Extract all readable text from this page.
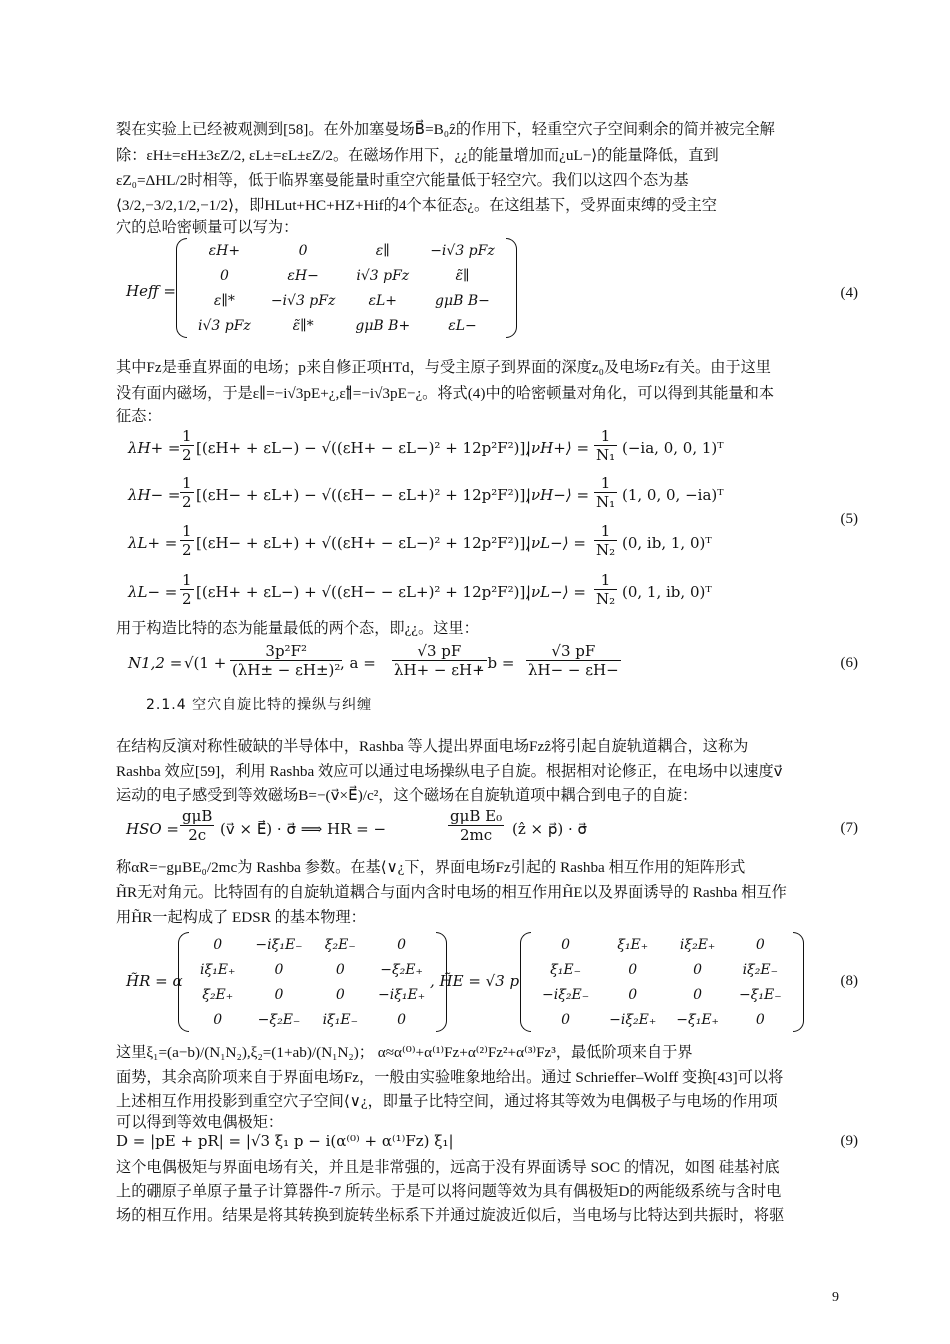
裂在实验上已经被观测到[58]。在外加塞曼场B⃗=B₀ẑ的作用下，轻重空穴子空间剩余的简并被完全解

除：εH±=εH±3εZ/2, εL±=εL±εZ/2。在磁场作用下，¿¿的能量增加而¿uL−⟩的能量降低，直到

εZ₀=ΔHL/2时相等，低于临界塞曼能量时重空穴能量低于轻空穴。我们以这四个态为基

⟨3/2,−3/2,1/2,−1/2⟩，即HLut+HC+HZ+Hif的4个本征态¿。在这组基下，受界面束缚的受主空

穴的总哈密顿量可以写为：

Heff =
εH+	0	ε∥	−i√3 pFz
0	εH−	i√3 pFz	ε̃∥
ε∥*	−i√3 pFz	εL+	gμB B−
i√3 pFz	ε̃∥*	gμB B+	εL−
(4)

其中Fz是垂直界面的电场；p来自修正项HTd，与受主原子到界面的深度z₀及电场Fz有关。由于这里

没有面内磁场，于是ε∥=−i√3pE+¿,ε̃∥=−i√3pE−¿。将式(4)中的哈密顿量对角化，可以得到其能量和本

征态：

$\lambda H+ = \frac{1}{2} [(\varepsilon H+ + \varepsilon L-) - √((\varepsilon H+ - \varepsilon L-)^2 + 12p^2F^2)]$,
|νH+⟩ = $\frac{1}{\text{N₁}} (-ia$, 0, 0, 1)ᵀ
$\lambda H- = \frac{1}{2} [(\varepsilon H- + \varepsilon L+) - √((\varepsilon H- - \varepsilon L+)^2 + 12p^2F^2)]$,
|νH−⟩ = $\frac{1}{\text{N₁}} (1$, 0, 0, −ia)ᵀ
$\lambda L+ = \frac{1}{2} [(\varepsilon H- + \varepsilon L+) + √((\varepsilon H+ - \varepsilon L-)^2 + 12p^2F^2)]$,
|νL−⟩ = $\frac{1}{\text{N₂}} (0$, ib, 1, 0)ᵀ
$\lambda L- = \frac{1}{2} [(\varepsilon H+ + \varepsilon L-) + √((\varepsilon H- - \varepsilon L+)^2 + 12p^2F^2)]$,
|νL−⟩ = $\frac{1}{\text{N₂}} (0$, 1, ib, 0)ᵀ
(5)

用于构造比特的态为能量最低的两个态，即¿¿。这里：

$N1,2 = √(1 + \frac{\text{3p²F²}}{\text{(λH± − εH±)²}}$
, $a = \frac{√3 pF}{\lambda H+ - \varepsilon H+}$
, $b = \frac{√3 pF}{\lambda H- - \varepsilon H-}$	(6)
2.1.4 空穴自旋比特的操纵与纠缠

在结构反演对称性破缺的半导体中，Rashba 等人提出界面电场Fzẑ将引起自旋轨道耦合，这称为

Rashba 效应[59]，利用 Rashba 效应可以通过电场操纵电子自旋。根据相对论修正，在电场中以速度v⃗

运动的电子感受到等效磁场B=−(v⃗×E⃗)/c²，这个磁场在自旋轨道项中耦合到电子的自旋：

HSO =
gμB
2c (v⃗ × E⃗) · σ⃗ ⟹ HR = −
gμB E₀
2mc	(ẑ × p⃗) · σ⃗	(7)

称αR=−gμBE₀/2mc为 Rashba 参数。在基⟨∨¿下，界面电场Fz引起的 Rashba 相互作用的矩阵形式

H̃R无对角元。比特固有的自旋轨道耦合与面内含时电场的相互作用H̃E以及界面诱导的 Rashba 相互作

用H̃R一起构成了 EDSR 的基本物理：

H̃R = α
0	−iξ₁E₋	ξ₂E₋	0
iξ₁E₊	0	0	−ξ₂E₊
ξ₂E₊	0	0	−iξ₁E₊
0	−ξ₂E₋	iξ₁E₋	0
, H̃E = √3 p
0	ξ₁E₊	iξ₂E₊	0
ξ₁E₋	0	0	iξ₂E₋
−iξ₂E₋	0	0	−ξ₁E₋
0	−iξ₂E₊	−ξ₁E₊	0
(8)

这里ξ₁=(a−b)/(N₁N₂),ξ₂=(1+ab)/(N₁N₂)； α≈α⁽⁰⁾+α⁽¹⁾Fz+α⁽²⁾Fz²+α⁽³⁾Fz³，最低阶项来自于界

面势，其余高阶项来自于界面电场Fz，一般由实验唯象地给出。通过 Schrieffer–Wolff 变换[43]可以将

上述相互作用投影到重空穴子空间⟨∨¿，即量子比特空间，通过将其等效为电偶极子与电场的作用项

可以得到等效电偶极矩：

D = |pE + pR| = |√3 ξ₁ p − i(α⁽⁰⁾ + α⁽¹⁾Fz) ξ₁|	(9)

这个电偶极矩与界面电场有关，并且是非常强的，远高于没有界面诱导 SOC 的情况，如图 硅基衬底

上的硼原子单原子量子计算器件-7 所示。于是可以将问题等效为具有偶极矩D的两能级系统与含时电

场的相互作用。结果是将其转换到旋转坐标系下并通过旋波近似后，当电场与比特达到共振时，将驱

9
